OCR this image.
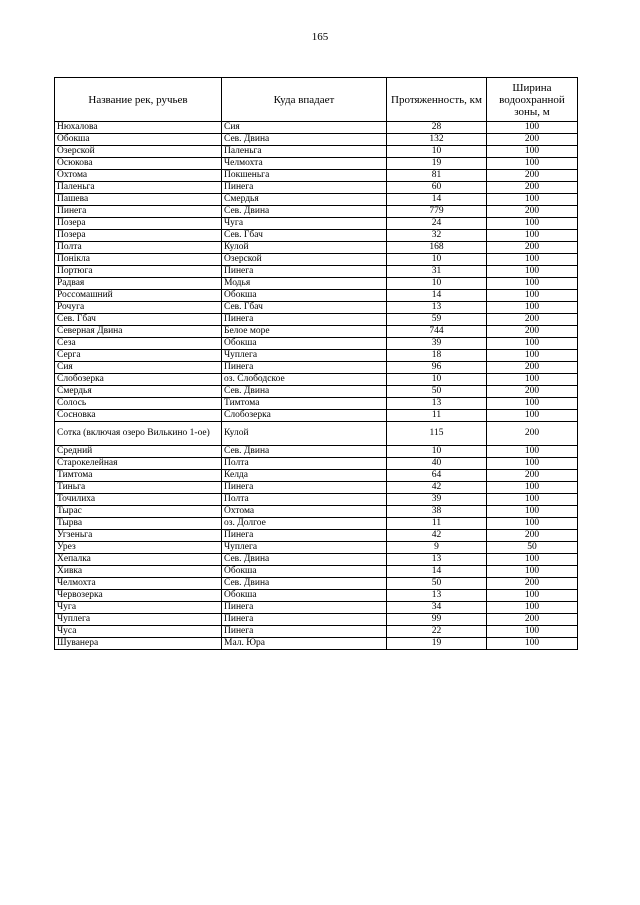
165
Название рек, ручьев	Куда впадает	Протяженность, км	Ширина водоохранной зоны, м
Нюхалова	Сия	28	100
Обокша	Сев. Двина	132	200
Озерской	Паленьга	10	100
Осюкова	Челмохта	19	100
Охтома	Покшеньга	81	200
Паленьга	Пинега	60	200
Пашева	Смердья	14	100
Пинега	Сев. Двина	779	200
Позера	Чуга	24	100
Позера	Сев. Гбач	32	100
Полта	Кулой	168	200
Понікла	Озерской	10	100
Портюга	Пинега	31	100
Радвая	Модья	10	100
Россомашний	Обокша	14	100
Рочуга	Сев. Гбач	13	100
Сев. Гбач	Пинега	59	200
Северная Двина	Белое море	744	200
Сеза	Обокша	39	100
Серга	Чуплега	18	100
Сия	Пинега	96	200
Слобозерка	оз. Слободское	10	100
Смердья	Сев. Двина	50	200
Солось	Тимтома	13	100
Сосновка	Слобозерка	11	100
Сотка (включая озеро Вилькино 1-ое)	Кулой	115	200
Средний	Сев. Двина	10	100
Старокелейная	Полта	40	100
Тимтома	Келда	64	200
Тиньга	Пинега	42	100
Точилиха	Полта	39	100
Тырас	Охтома	38	100
Тырва	оз. Долгое	11	100
Угзеньга	Пинега	42	200
Урез	Чуплега	9	50
Хепалка	Сев. Двина	13	100
Хивка	Обокша	14	100
Челмохта	Сев. Двина	50	200
Червозерка	Обокша	13	100
Чуга	Пинега	34	100
Чуплега	Пинега	99	200
Чуса	Пинега	22	100
Шуванера	Мал. Юра	19	100
